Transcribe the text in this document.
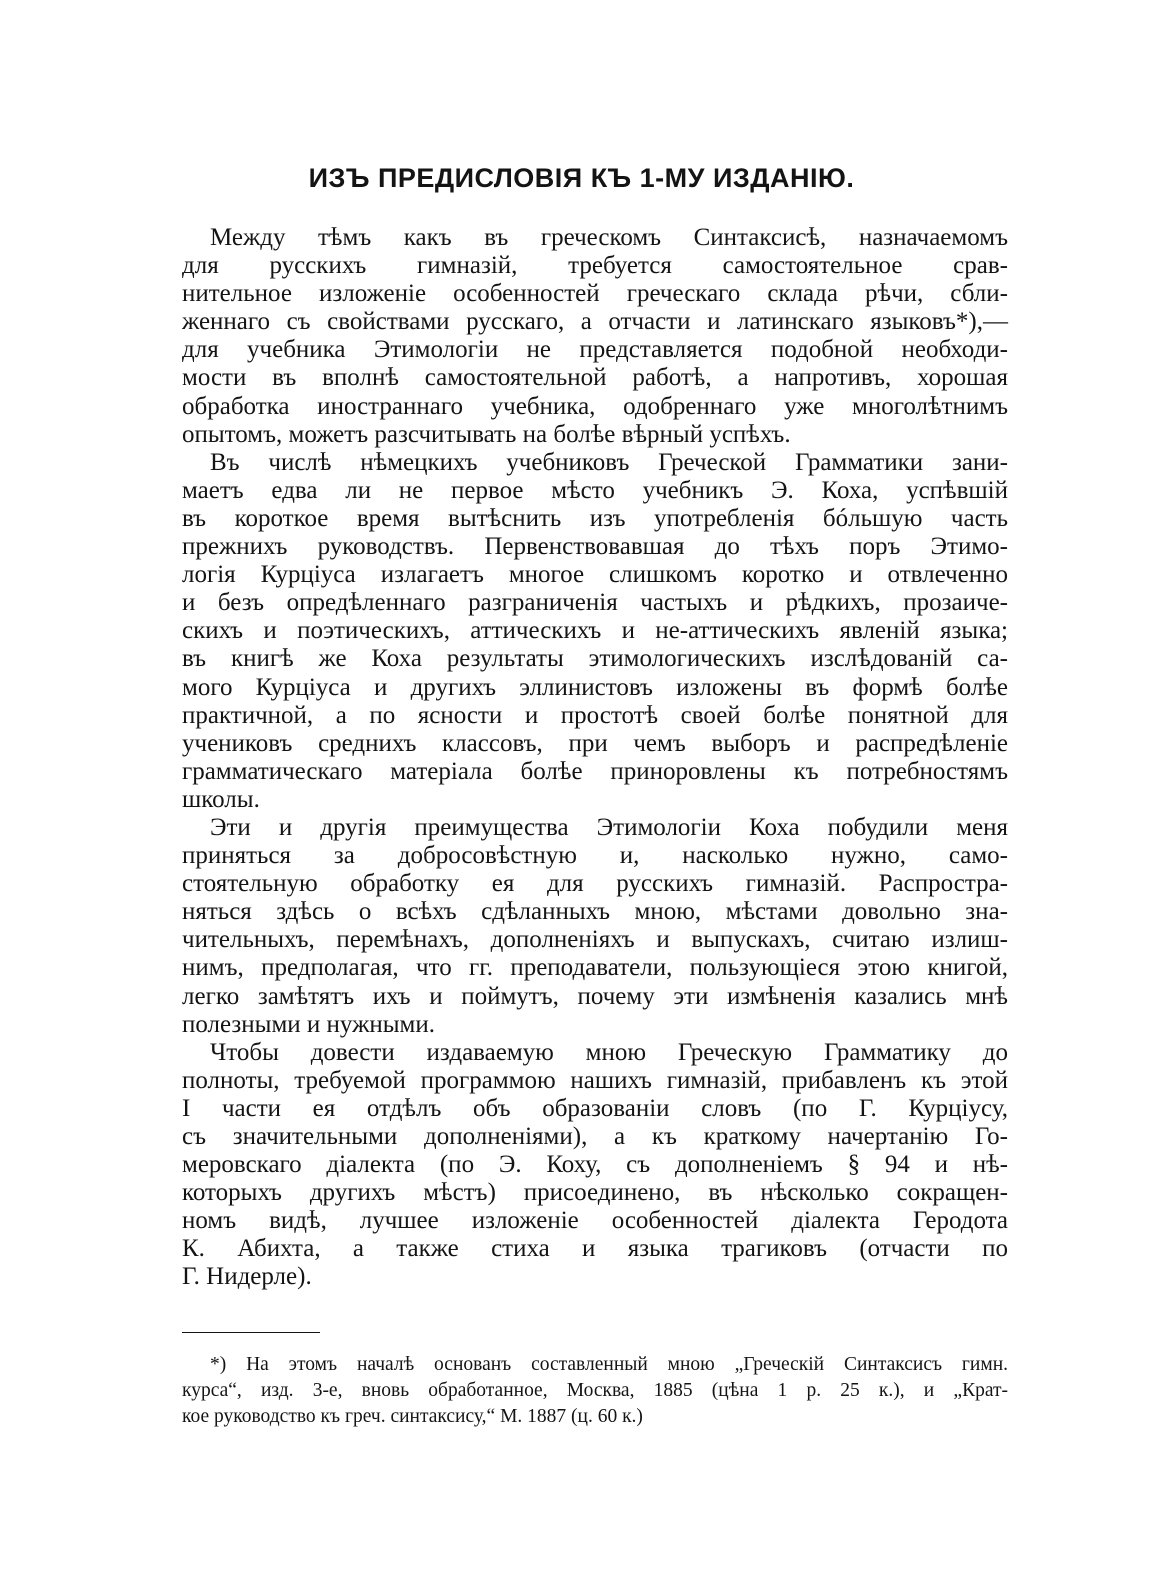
ИЗЪ ПРЕДИСЛОВІЯ КЪ 1-МУ ИЗДАНІЮ.
Между тѣмъ какъ въ греческомъ Синтаксисѣ, назначаемомъ
для русскихъ гимназій, требуется самостоятельное срав-
нительное изложеніе особенностей греческаго склада рѣчи, сбли-
женнаго съ свойствами русскаго, а отчасти и латинскаго языковъ*),—
для учебника Этимологіи не представляется подобной необходи-
мости въ вполнѣ самостоятельной работѣ, а напротивъ, хорошая
обработка иностраннаго учебника, одобреннаго уже многолѣтнимъ
опытомъ, можетъ разсчитывать на болѣе вѣрный успѣхъ.
Въ числѣ нѣмецкихъ учебниковъ Греческой Грамматики зани-
маетъ едва ли не первое мѣсто учебникъ Э. Коха, успѣвшій
въ короткое время вытѣснить изъ употребленія бóльшую часть
прежнихъ руководствъ. Первенствовавшая до тѣхъ поръ Этимо-
логія Курціуса излагаетъ многое слишкомъ коротко и отвлеченно
и безъ опредѣленнаго разграниченія частыхъ и рѣдкихъ, прозаиче-
скихъ и поэтическихъ, аттическихъ и не-аттическихъ явленій языка;
въ книгѣ же Коха результаты этимологическихъ изслѣдованій са-
мого Курціуса и другихъ эллинистовъ изложены въ формѣ болѣе
практичной, а по ясности и простотѣ своей болѣе понятной для
учениковъ среднихъ классовъ, при чемъ выборъ и распредѣленіе
грамматическаго матеріала болѣе приноровлены къ потребностямъ
школы.
Эти и другія преимущества Этимологіи Коха побудили меня
приняться за добросовѣстную и, насколько нужно, само-
стоятельную обработку ея для русскихъ гимназій. Распростра-
няться здѣсь о всѣхъ сдѣланныхъ мною, мѣстами довольно зна-
чительныхъ, перемѣнахъ, дополненіяхъ и выпускахъ, считаю излиш-
нимъ, предполагая, что гг. преподаватели, пользующіеся этою книгой,
легко замѣтятъ ихъ и поймутъ, почему эти измѣненія казались мнѣ
полезными и нужными.
Чтобы довести издаваемую мною Греческую Грамматику до
полноты, требуемой программою нашихъ гимназій, прибавленъ къ этой
I части ея отдѣлъ объ образованіи словъ (по Г. Курціусу,
съ значительными дополненіями), а къ краткому начертанію Го-
меровскаго діалекта (по Э. Коху, съ дополненіемъ § 94 и нѣ-
которыхъ другихъ мѣстъ) присоединено, въ нѣсколько сокращен-
номъ видѣ, лучшее изложеніе особенностей діалекта Геродота
К. Абихта, а также стиха и языка трагиковъ (отчасти по
Г. Нидерле).
*) На этомъ началѣ основанъ составленный мною „Греческій Синтаксисъ гимн.
курса“, изд. 3-е, вновь обработанное, Москва, 1885 (цѣна 1 р. 25 к.), и „Крат-
кое руководство къ греч. синтаксису,“ М. 1887 (ц. 60 к.)
